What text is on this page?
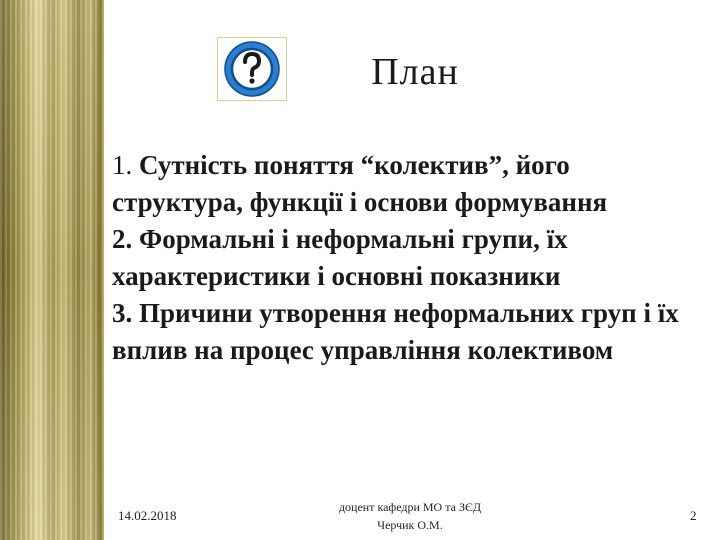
План

1. Сутність поняття “колектив”, його структура, функції і основи формування

2. Формальні і неформальні групи, їх характеристики і основні показники

3. Причини утворення неформальних груп і їх вплив на процес управління колективом

14.02.2018
доцент кафедри МО та ЗЄД
Черчик О.М.
2
